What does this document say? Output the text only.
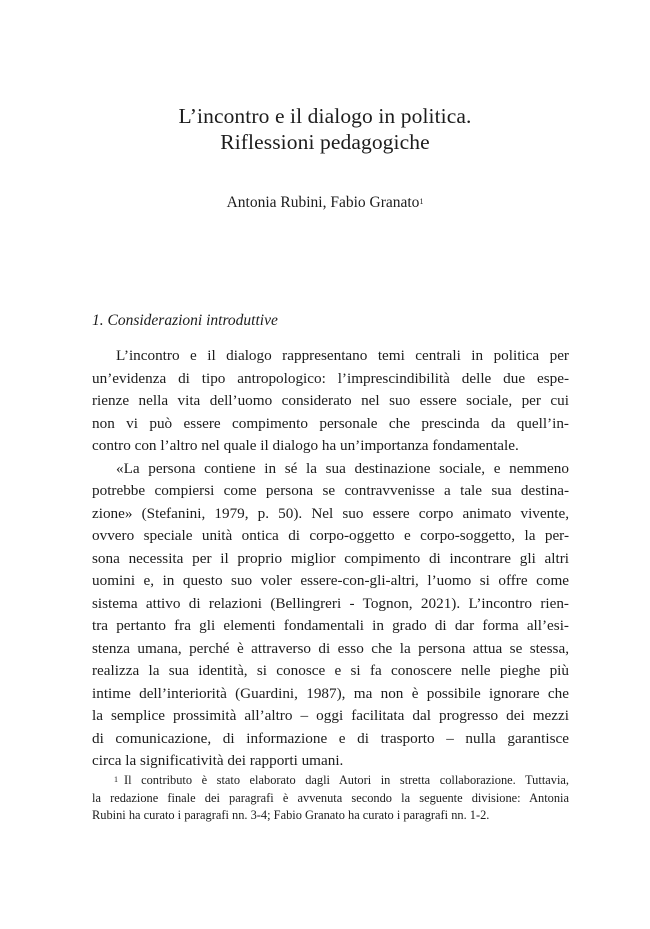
L’incontro e il dialogo in politica.
Riflessioni pedagogiche
Antonia Rubini, Fabio Granato$^1$
1. Considerazioni introduttive
L’incontro e il dialogo rappresentano temi centrali in politica per
un’evidenza di tipo antropologico: l’imprescindibilità delle due espe-
rienze nella vita dell’uomo considerato nel suo essere sociale, per cui
non vi può essere compimento personale che prescinda da quell’in-
contro con l’altro nel quale il dialogo ha un’importanza fondamentale.
«La persona contiene in sé la sua destinazione sociale, e nemmeno
potrebbe compiersi come persona se contravvenisse a tale sua destina-
zione» (Stefanini, 1979, p. 50). Nel suo essere corpo animato vivente,
ovvero speciale unità ontica di corpo-oggetto e corpo-soggetto, la per-
sona necessita per il proprio miglior compimento di incontrare gli altri
uomini e, in questo suo voler essere-con-gli-altri, l’uomo si offre come
sistema attivo di relazioni (Bellingreri - Tognon, 2021). L’incontro rien-
tra pertanto fra gli elementi fondamentali in grado di dar forma all’esi-
stenza umana, perché è attraverso di esso che la persona attua se stessa,
realizza la sua identità, si conosce e si fa conoscere nelle pieghe più
intime dell’interiorità (Guardini, 1987), ma non è possibile ignorare che
la semplice prossimità all’altro – oggi facilitata dal progresso dei mezzi
di comunicazione, di informazione e di trasporto – nulla garantisce
circa la significatività dei rapporti umani.
$^1$ Il contributo è stato elaborato dagli Autori in stretta collaborazione. Tuttavia,
la redazione finale dei paragrafi è avvenuta secondo la seguente divisione: Antonia
Rubini ha curato i paragrafi nn. 3-4; Fabio Granato ha curato i paragrafi nn. 1-2.
